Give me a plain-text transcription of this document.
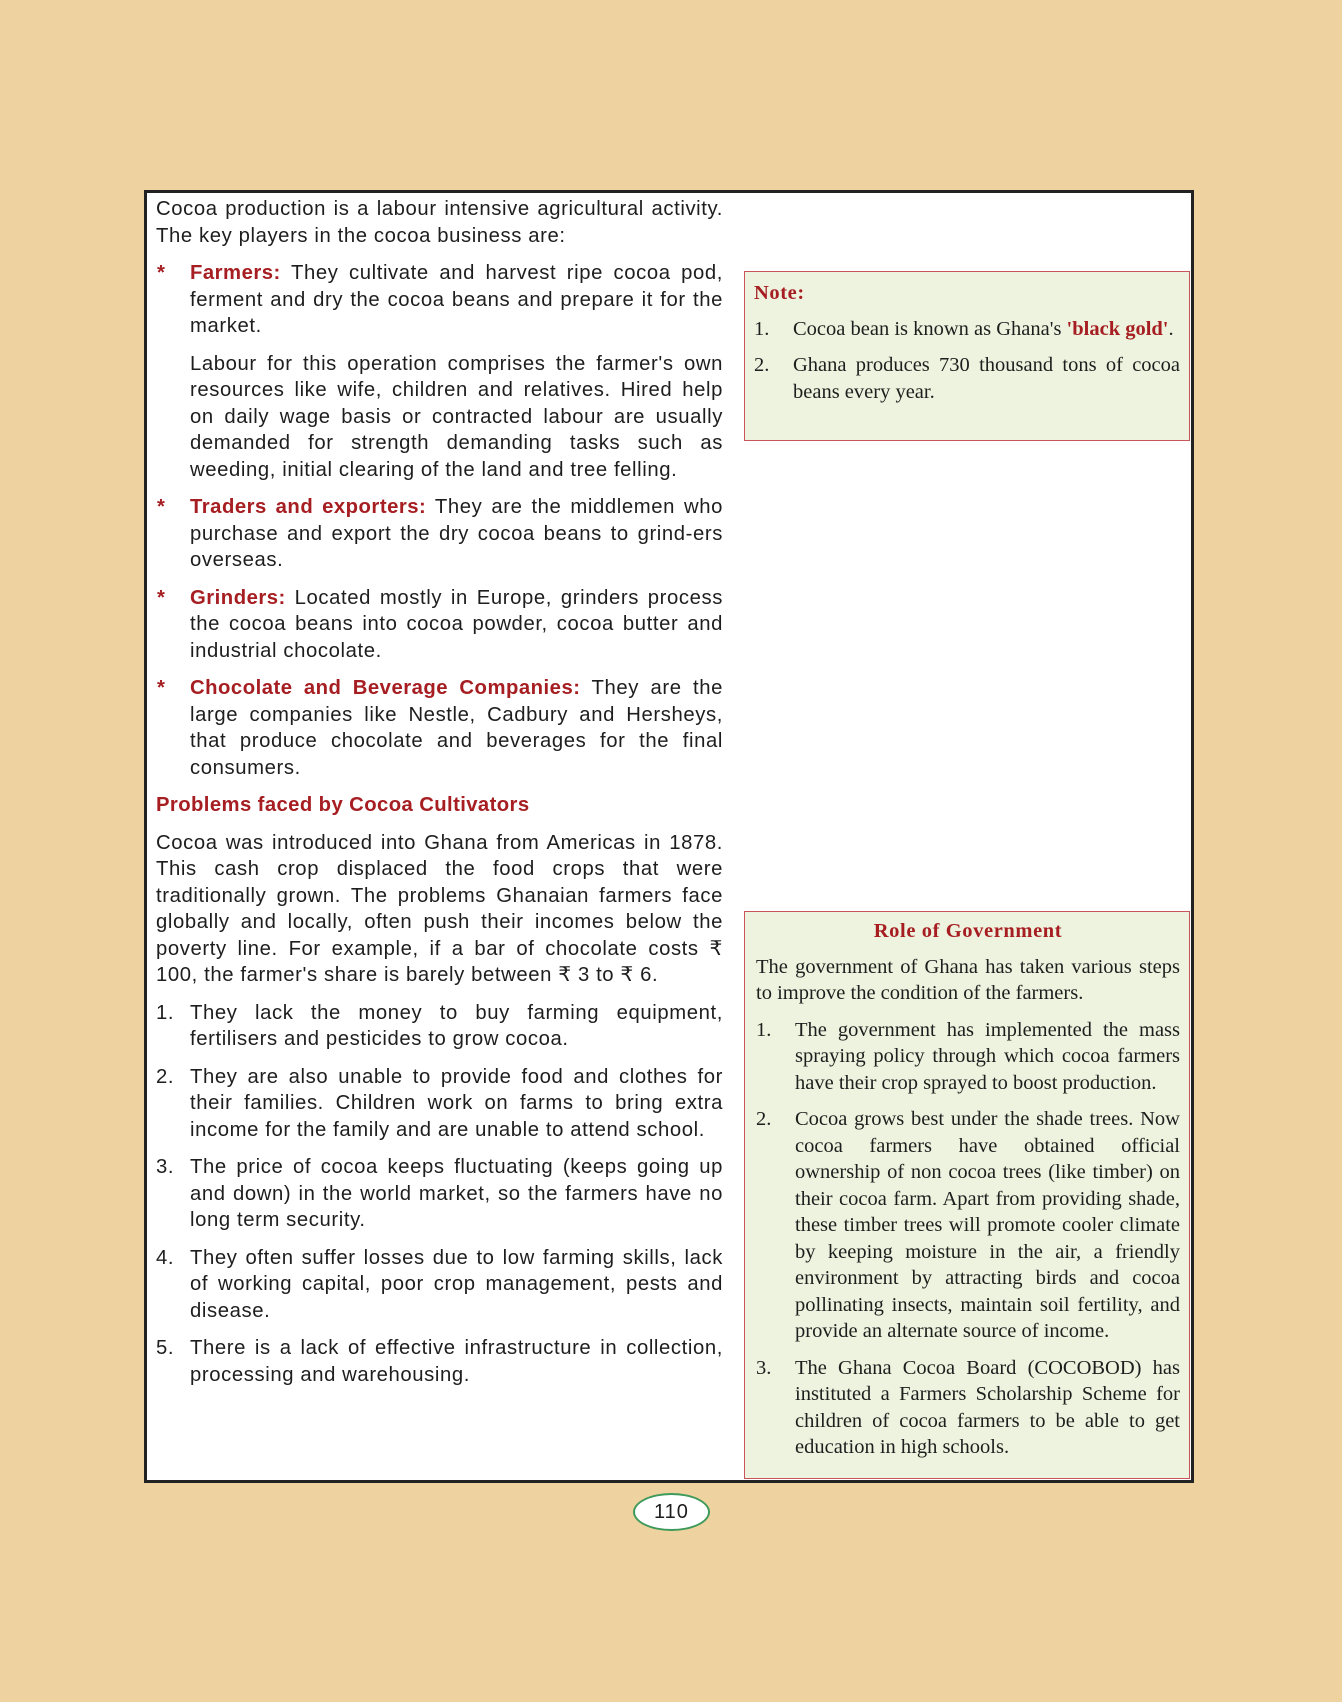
Cocoa production is a labour intensive agricultural activity. The key players in the cocoa business are:

* Farmers: They cultivate and harvest ripe cocoa pod, ferment and dry the cocoa beans and prepare it for the market.

Labour for this operation comprises the farmer's own resources like wife, children and relatives. Hired help on daily wage basis or contracted labour are usually demanded for strength demanding tasks such as weeding, initial clearing of the land and tree felling.

* Traders and exporters: They are the middlemen who purchase and export the dry cocoa beans to grind-ers overseas.

* Grinders: Located mostly in Europe, grinders process the cocoa beans into cocoa powder, cocoa butter and industrial chocolate.

* Chocolate and Beverage Companies: They are the large companies like Nestle, Cadbury and Hersheys, that produce chocolate and beverages for the final consumers.

Problems faced by Cocoa Cultivators

Cocoa was introduced into Ghana from Americas in 1878. This cash crop displaced the food crops that were traditionally grown. The problems Ghanaian farmers face globally and locally, often push their incomes below the poverty line. For example, if a bar of chocolate costs ₹ 100, the farmer's share is barely between ₹ 3 to ₹ 6.

1. They lack the money to buy farming equipment, fertilisers and pesticides to grow cocoa.
2. They are also unable to provide food and clothes for their families. Children work on farms to bring extra income for the family and are unable to attend school.
3. The price of cocoa keeps fluctuating (keeps going up and down) in the world market, so the farmers have no long term security.
4. They often suffer losses due to low farming skills, lack of working capital, poor crop management, pests and disease.
5. There is a lack of effective infrastructure in collection, processing and warehousing.
Note:
1. Cocoa bean is known as Ghana's 'black gold'.
2. Ghana produces 730 thousand tons of cocoa beans every year.
Role of Government

The government of Ghana has taken various steps to improve the condition of the farmers.

1. The government has implemented the mass spraying policy through which cocoa farmers have their crop sprayed to boost production.
2. Cocoa grows best under the shade trees. Now cocoa farmers have obtained official ownership of non cocoa trees (like timber) on their cocoa farm. Apart from providing shade, these timber trees will promote cooler climate by keeping moisture in the air, a friendly environment by attracting birds and cocoa pollinating insects, maintain soil fertility, and provide an alternate source of income.
3. The Ghana Cocoa Board (COCOBOD) has instituted a Farmers Scholarship Scheme for children of cocoa farmers to be able to get education in high schools.
110
